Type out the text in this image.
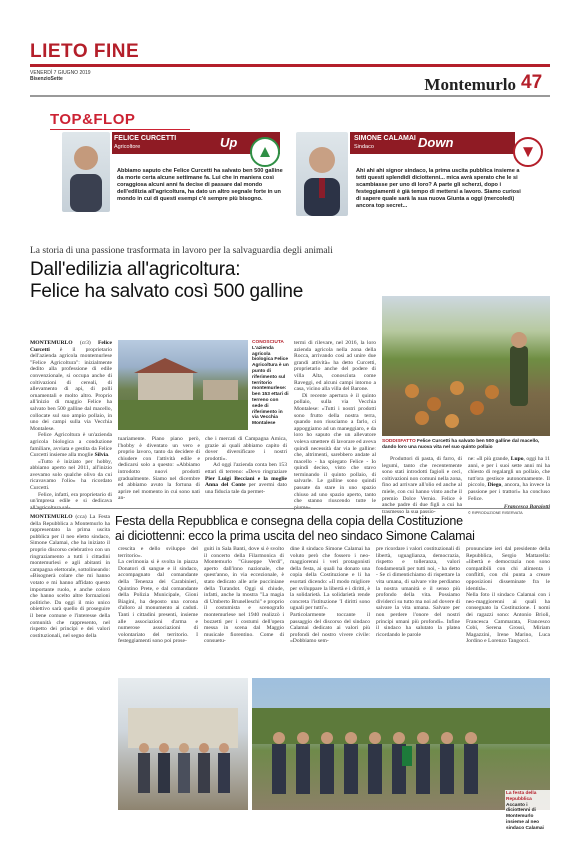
LIETO FINE
VENERDÌ 7 GIUGNO 2019
BisenzioSette	Montemurlo 47
TOP&FLOP
FELICE CURCETTI
Agricoltore	Up	▲
Abbiamo saputo che Felice Curcetti ha salvato ben 500 galline da morte certa alcune settimane fa. Lui che in maniera così coraggiosa alcuni anni fa decise di passare dal mondo dell'edilizia all'agricoltura, ha dato un altro segnale forte in un mondo in cui di questi esempi c'è sempre più bisogno.
SIMONE CALAMAI
Sindaco	Down	▼
Ahi ahi ahi signor sindaco, la prima uscita pubblica insieme a tetti questi splendidi diciottenni... mica avrà sperato che le si scambiasse per uno di loro? A parte gli scherzi, dopo i festeggiamenti è già tempo di mettersi a lavoro. Siamo curiosi di sapere quale sarà la sua nuova Giunta a oggi (mercoledì) ancora top secret...
La storia di una passione trasformata in lavoro per la salvaguardia degli animali
Dall'edilizia all'agricoltura:
Felice ha salvato così 500 galline

MONTEMURLO (cr3) Felice Curcetti è il proprietario dell'azienda agricola montemurlese "Felice Agricoltura": inizialmente dedito alla professione di edile convenzionale, si occupa anche di coltivazioni di cereali, di allevamento di api, di polli ornamentali e molto altro. Proprio all'inizio di maggio Felice ha salvato ben 500 galline dal macello, collocate sul suo ampio pollaio, in uno dei campi sulla via Vecchia Montalese.

Felice Agricoltura è un'azienda agricola biologica a conduzione familiare, avviata e gestita da Felice Curcetti insieme alla moglie Silvia.

«Tutto è iniziato per hobby, abbiamo aperto nel 2011, all'inizio avevamo solo qualche olivo da cui ricavavamo l'olio» ha ricordato Curcetti.

Felice, infatti, era proprietario di un'impresa edile e si dedicava

CONOSCIUTA
L'azienda agricola biologica Felice Agricoltura è un punto di riferimento sul territorio montemurlese: ben 153 ettari di terreno con sede di riferimento in via Vecchia Montalese

tuariamente. Piano piano però, l'hobby è diventato un vero e proprio lavoro, tanto da decidere di chiudere con l'attività edile e dedicarsi solo a questo: «Abbiamo introdotto nuovi prodotti gradualmente. Siamo nel dicembre ed abbiamo avuto la fortuna di aprire nel momento in cui sono nati an-

che i mercati di Campagna Amica, grazie ai quali abbiamo capito di dover diversificare i nostri prodotti».

Ad oggi l'azienda conta ben 153 ettari di terreno: «Devo ringraziare Pier Luigi Becciani e la moglie Anna del Conte per avermi dato una fiducia tale da permet-

termi di rilevare, nel 2016, la loro azienda agricola nella zona della Rocca, arrivando così ad unire due grandi attività» ha detto Curcetti, proprietario anche del podere di villa Alta, conosciuta come Raveggi, ed alcuni campi intorno a casa, vicino alla villa del Barone.

Di recente apertura è il quinto pollaio, sulla via Vecchia Montalese: «Tutti i nostri prodotti sono frutto della nostra terra, quando non riusciamo a farlo, ci appoggiamo ad un maneggiaro, e da loro ho saputo che un allevatore voleva smettere di lavorare ed aveva quindi necessità dar via le galline: che, altrimenti, sarebbero andate al macello - ha spiegato Felice - Io quindi deciso, visto che stavo terminando il quinto pollaio, di salvarle. Le galline sono quindi passate da stare in uno spazio chiuso ad uno spazio aperto, tanto che stanno riuscendo tutte le

SODDISFATTO Felice Curcetti ha salvato ben 500 galline dal macello, dando loro una nuova vita nel suo quinto pollaio

Produttori di pasta, di farro, di legumi, tanto che recentemente sono stati introdotti fagioli e ceci, coltivazioni non comuni nella zona, fino ad arrivare all'olio ed anche al miele, con cui hanno vinto anche il premio Dolce Vernio. Felice è anche padre di due figli a cui ha trasmesso la sua passio-

ne: «Il più grande, Lupo, oggi ha 11 anni, e per i suoi sette anni mi ha chiesto di regalargli un pollaio, che tutt'ora gestisce autonomamente. Il piccolo, Diego, ancora, ha invece la passione per i trattori» ha concluso Felice.

© RIPRODUZIONE RISERVATA

MONTEMURLO (cca) La Festa della Repubblica a Montemurlo ha rappresentato la prima uscita pubblica per il neo eletto sindaco, Simone Calamai, che ha iniziato il proprio discorso celebrativo con un ringraziamento a tutti i cittadini montemurlesi e agli abitanti in campagna elettorale, sottolineando: «Bisognerà colare che mi hanno votato e mi hanno affidato questo importante ruolo, e anche coloro che hanno scelto altre formazioni politiche. Da oggi il mio unico obiettivo sarà quello di proseguire il bene comune e l'interesse della comunità che rappresento, nel rispetto dei principi e dei valori costituzionali, nel segno della

Festa della Repubblica e consegna della copia della Costituzione
ai diciottenni: ecco la prima uscita del neo sindaco Simone Calamai

crescita e dello sviluppo del territorio».
La cerimonia si è svolta in piazza Donatori di sangue e il sindaco, accompagnato dal comandante della Tenenza dei Carabinieri, Quintino Prete, e dal comandante della Polizia Municipale, Gioni Biagini, ha deposto una corona d'alloro al monumento ai caduti. Tanti i cittadini presenti, insieme alle associazioni d'arma e numerose associazioni di volontariato del territorio. I festeggiamenti sono poi prose-

guiti in Sala Banti, dove si è svolto il concerto della Filarmonica di Montemurlo "Giuseppe Verdi", aperto dall'inno nazionale, che quest'anno, in via eccezionale, è stato dedicato alle arie pucciniane della Turandot. Oggi si chiude, infatti, anche la mostra "La magia di Umberto Brunelleschi" e proprio il costumista e scenografo montemurlese nel 1940 realizzò i bozzetti per i costumi dell'opera messa in scena dal Maggio musicale fiorentino. Come di consuetu-

dine il sindaco Simone Calamai ha voluto però che fossero i neo-maggiorenni i veri protagonisti della festa, ai quali ha donato una copia della Costituzione e li ha esortati dicendo: «Il modo migliore per sviluppare la libertà e i diritti, è la solidarietà. La solidarietà rende concreta l'istituzione 'I diritti sono uguali per tutti'».
Particolarmente toccante il passaggio del discorso del sindaco Calamai dedicato ai valori più profondi del nostro vivere civile: «Dobbiamo sem-

pre ricordare i valori costituzionali di libertà, uguaglianza, democrazia, rispetto e tolleranza, valori fondamentali per tutti noi, - ha detto - Se ci dimentichiamo di rispettare la vita umana, di salvare vite perdiamo la nostra umanità e il senso più profondo della vita. Possiamo dividerci su tutto ma noi ad dovere di salvare la vita umana. Salvare per non perdere l'onore del nostri principi umani più profondi». Infine il sindaco ha salutato la platea ricordando le parole

pronunciate ieri dal presidente della Repubblica, Sergio Mattarella: «libertà e democrazia non sono compatibili con chi alimenta i conflitti, con chi punta a creare opposizioni disseminate fra le identità».
Nella foto il sindaco Calamai con i neo-maggiorenni ai quali ha consegnato la Costituzione. I nomi dei ragazzi sono: Antonio Brioli, Francesca Cammarata, Francesco Cobi, Serena Grossi, Miriam Magazzini, Irene Marino, Luca Jordino e Lorenzo Tangocci.

La festa della Repubblica Accanto i diciottenni di Montemurlo insieme al neo sindaco Calamai
